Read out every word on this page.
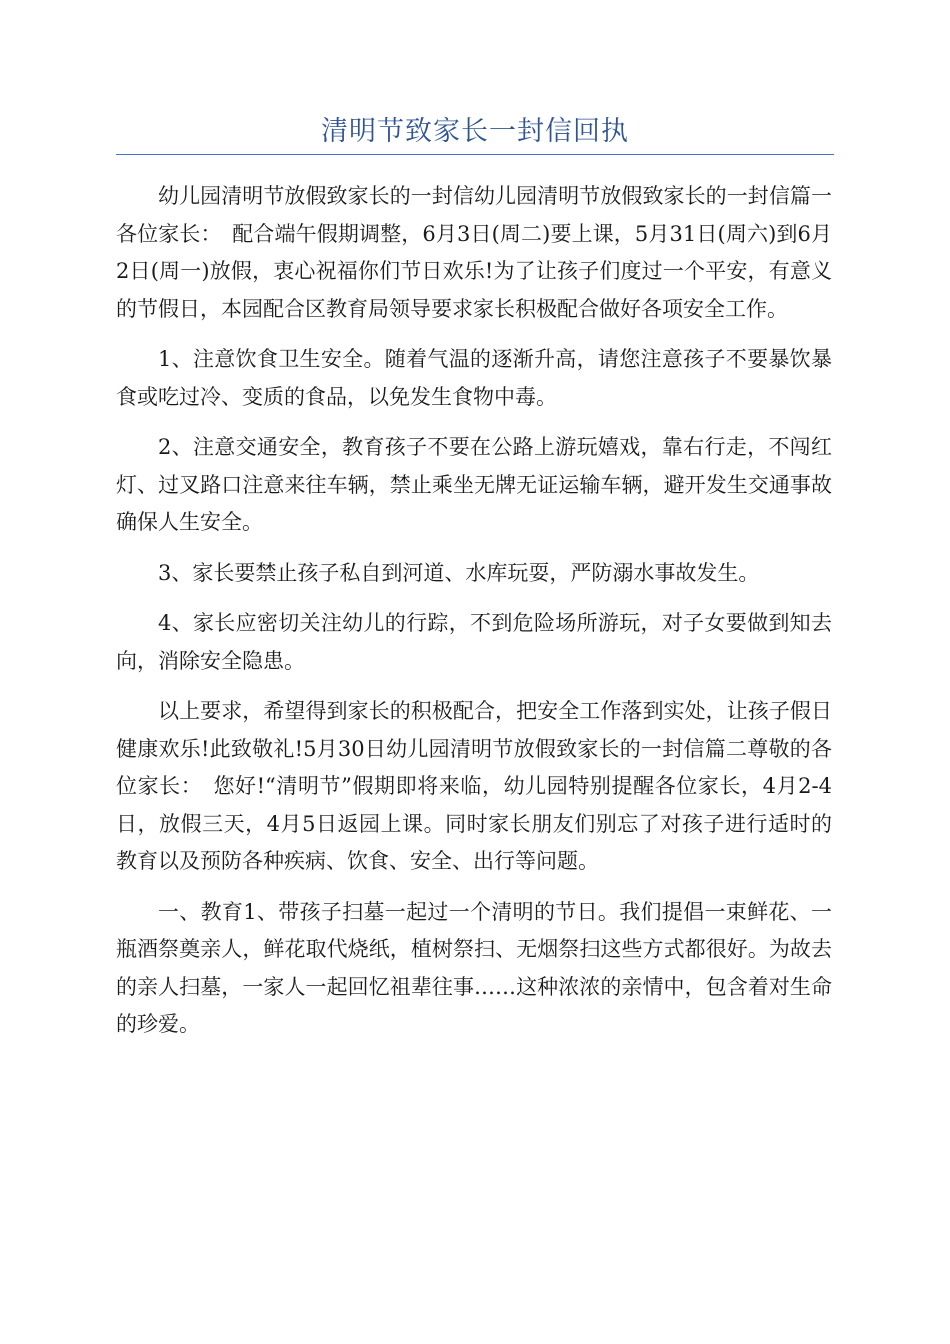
清明节致家长一封信回执

幼儿园清明节放假致家长的一封信幼儿园清明节放假致家长的一封信篇一各位家长：　配合端午假期调整，6月3日(周二)要上课，5月31日(周六)到6月2日(周一)放假，衷心祝福你们节日欢乐!为了让孩子们度过一个平安，有意义的节假日，本园配合区教育局领导要求家长积极配合做好各项安全工作。

1、注意饮食卫生安全。随着气温的逐渐升高，请您注意孩子不要暴饮暴食或吃过冷、变质的食品，以免发生食物中毒。

2、注意交通安全，教育孩子不要在公路上游玩嬉戏，靠右行走，不闯红灯、过叉路口注意来往车辆，禁止乘坐无牌无证运输车辆，避开发生交通事故确保人生安全。

3、家长要禁止孩子私自到河道、水库玩耍，严防溺水事故发生。

4、家长应密切关注幼儿的行踪，不到危险场所游玩，对子女要做到知去向，消除安全隐患。

以上要求，希望得到家长的积极配合，把安全工作落到实处，让孩子假日健康欢乐!此致敬礼!5月30日幼儿园清明节放假致家长的一封信篇二尊敬的各位家长：　您好!“清明节”假期即将来临，幼儿园特别提醒各位家长，4月2-4日，放假三天，4月5日返园上课。同时家长朋友们别忘了对孩子进行适时的教育以及预防各种疾病、饮食、安全、出行等问题。

一、教育1、带孩子扫墓一起过一个清明的节日。我们提倡一束鲜花、一瓶酒祭奠亲人，鲜花取代烧纸，植树祭扫、无烟祭扫这些方式都很好。为故去的亲人扫墓，一家人一起回忆祖辈往事……这种浓浓的亲情中，包含着对生命的珍爱。
